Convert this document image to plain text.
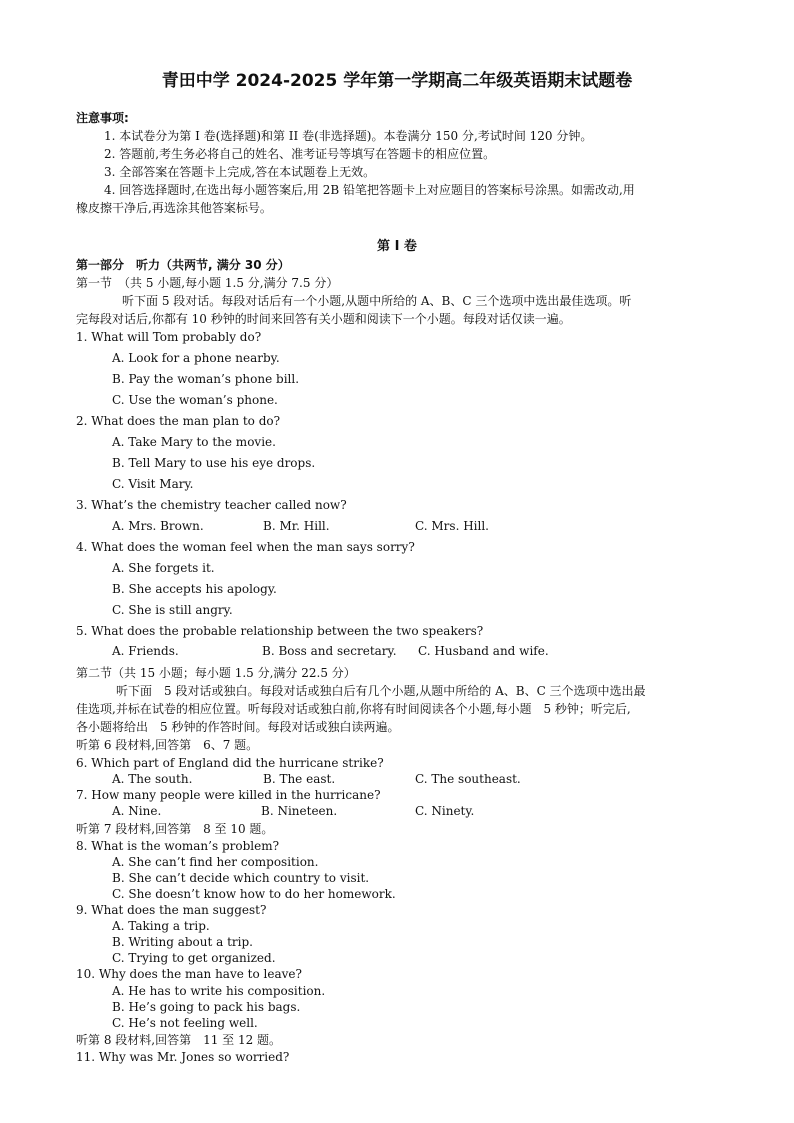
青田中学 2024-2025 学年第一学期高二年级英语期末试题卷
注意事项:
1. 本试卷分为第 I 卷(选择题)和第 II 卷(非选择题)。本卷满分 150 分,考试时间 120 分钟。
2. 答题前,考生务必将自己的姓名、准考证号等填写在答题卡的相应位置。
3. 全部答案在答题卡上完成,答在本试题卷上无效。
4. 回答选择题时,在选出每小题答案后,用 2B 铅笔把答题卡上对应题目的答案标号涂黑。如需改动,用
橡皮擦干净后,再选涂其他答案标号。
第 I 卷
第一部分　听力（共两节, 满分 30 分）
第一节　（共 5 小题,每小题 1.5 分,满分 7.5 分）
听下面 5 段对话。每段对话后有一个小题,从题中所给的 A、B、C 三个选项中选出最佳选项。听
完每段对话后,你都有 10 秒钟的时间来回答有关小题和阅读下一个小题。每段对话仅读一遍。
1. What will Tom probably do?
A. Look for a phone nearby.
B. Pay the woman’s phone bill.
C. Use the woman’s phone.
2. What does the man plan to do?
A. Take Mary to the movie.
B. Tell Mary to use his eye drops.
C. Visit Mary.
3. What’s the chemistry teacher called now?
A. Mrs. Brown.	B. Mr. Hill.	C. Mrs. Hill.
4. What does the woman feel when the man says sorry?
A. She forgets it.
B. She accepts his apology.
C. She is still angry.
5. What does the probable relationship between the two speakers?
A. Friends.	B. Boss and secretary. C. Husband and wife.
第二节（共 15 小题；每小题 1.5 分,满分 22.5 分）
听下面　5 段对话或独白。每段对话或独白后有几个小题,从题中所给的 A、B、C 三个选项中选出最
佳选项,并标在试卷的相应位置。听每段对话或独白前,你将有时间阅读各个小题,每小题　5 秒钟；听完后,
各小题将给出　5 秒钟的作答时间。每段对话或独白读两遍。
听第 6 段材料,回答第　6、7 题。
6. Which part of England did the hurricane strike?
A. The south.	B. The east.	C. The southeast.
7. How many people were killed in the hurricane?
A. Nine.	B. Nineteen.	C. Ninety.
听第 7 段材料,回答第　8 至 10 题。
8. What is the woman’s problem?
A. She can’t find her composition.
B. She can’t decide which country to visit.
C. She doesn’t know how to do her homework.
9. What does the man suggest?
A. Taking a trip.
B. Writing about a trip.
C. Trying to get organized.
10. Why does the man have to leave?
A. He has to write his composition.
B. He’s going to pack his bags.
C. He’s not feeling well.
听第 8 段材料,回答第　11 至 12 题。
11. Why was Mr. Jones so worried?
